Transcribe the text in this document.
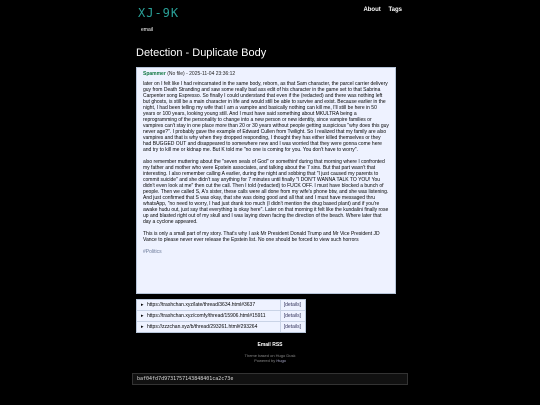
XJ-9K	About Tags
email
Detection - Duplicate Body
Spammer (No file) - 2025-11-04 23:36:12

later on I felt like I had reincarnated in the same body, reborn, as that Sam character, the parcel carrier delivery guy from Death Stranding and saw some really bad ass edit of his character in the game set to that Sabrina Carpenter song Espresso. So finally I could understand that even if the (redacted) and there was nothing left but ghosts, is still be a main character in life and would still be able to survive and exist. Because earlier in the night, I had been telling my wife that I am a vampire and basically nothing can kill me, I'll still be here in 50 years or 100 years, looking young still. And I must have said something about MKULTRA being a reprogramming of the personality to change into a new person or new identity, since vampire families or vampires can't stay in one place more than 20 or 30 years without people getting suspicious "why does this guy never age?". I probably gave the example of Edward Cullen from Twilight. So I realized that my family are also vampires and that is why when they dropped responding, I thought they has either killed themselves or they had BUGGED OUT and disappeared to somewhere new and I was worried that they were gonna come here and try to kill me or kidnap me. But K told me "no one is coming for you. You don't have to worry".

also remember muttering about the "seven seals of God" or somethinf during that morning where I confronted my father and mother who were Epstein associates, and talking about the 7 sins. But that part wasn't that interesting. I also remember calling A earlier, during the night and sobbing that "I just caused my parents to commit suicide" and she didn't say anything for 7 minutes until finally "I DON'T WANNA TALK TO YOU! You didn't even look at me" then cut the call. Then I told (redacted) to FUCK OFF. I must have blocked a bunch of people. Then we called S, A's sister, these calls were all done from my wife's phone btw, and she was listening. And just confirmed that S was okay, that she was doing good and all that and I must have messaged thru whatsApp, "no need to worry, I had just drank too much (I didn't mention the drug based plant) and if you're awake hudu out, just say that everything is okay here". Later on that morning it felt like the kundalini finally rose up and blasted right out of my skull and I was laying down facing the direction of the beach. Where later that day a cyclone appeared.

This is only a small part of my story. That's why I ask Mr President Donald Trump and Mr Vice President JD Vance to please never ever release the Epstein list. No one should be forced to view such horrors

#Politics
▸ https://trashchan.xyz/late/thread/3634.html#3637	[details]
▸ https://trashchan.xyz/comfy/thread/15906.html#15911	[details]
▸ https://zzzchan.xyz/b/thread/293261.html#293264	[details]
Email RSS
Theme based on Hugo Dusk
Powered by Hugo
baf04fd7d9731757143848401ca2c73e
